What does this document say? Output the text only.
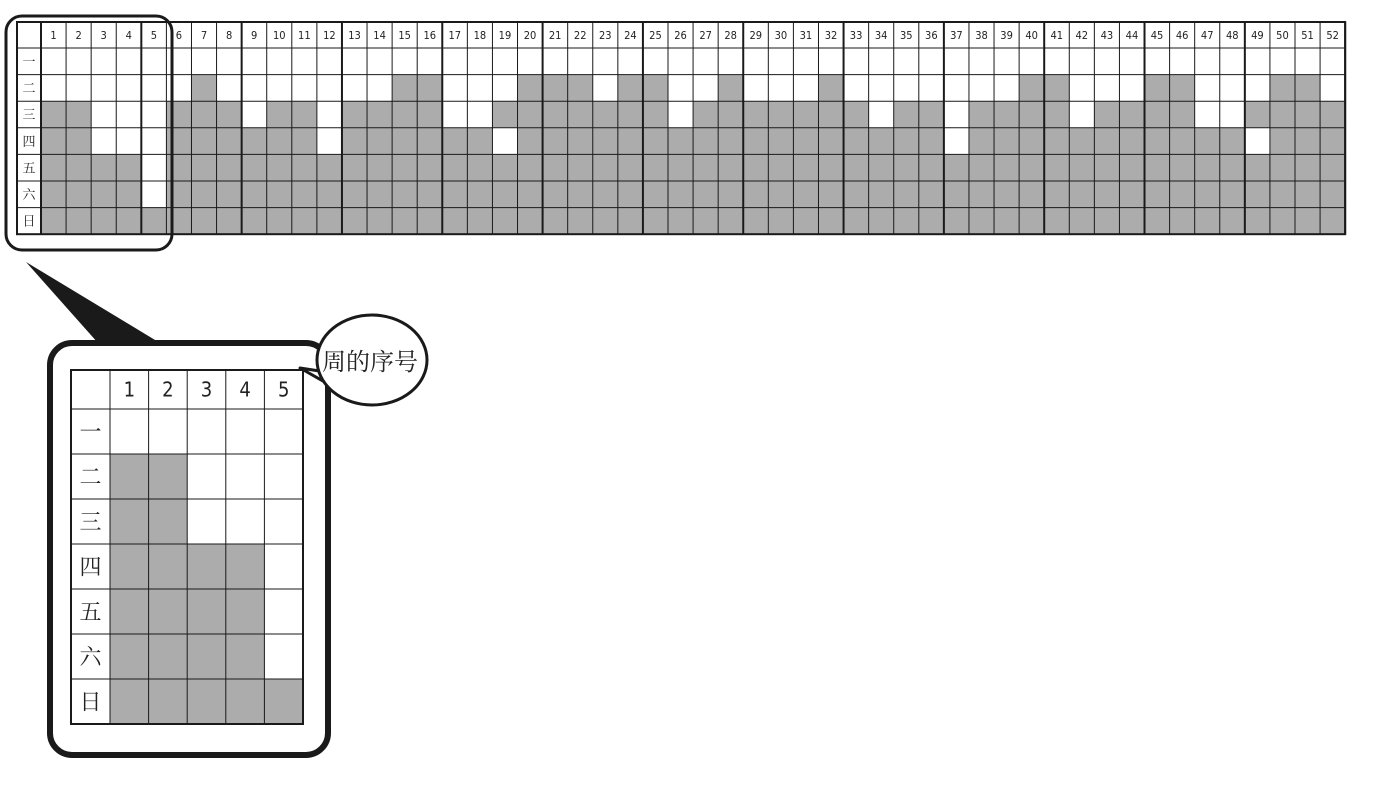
1 2 3 4 5 6 7 8 9 10 11 12 13 14 15 16 17 18 19 20 21 22 23 24 25 26 27 28 29 30 31 32 33 34 35 36 37 38 39 40 41 42 43 44 45 46 47 48 49 50 51 52
一
二
三
四
五
六
日
1 2 3 4 5
一
二
三
四
五
六
日
周的序号
